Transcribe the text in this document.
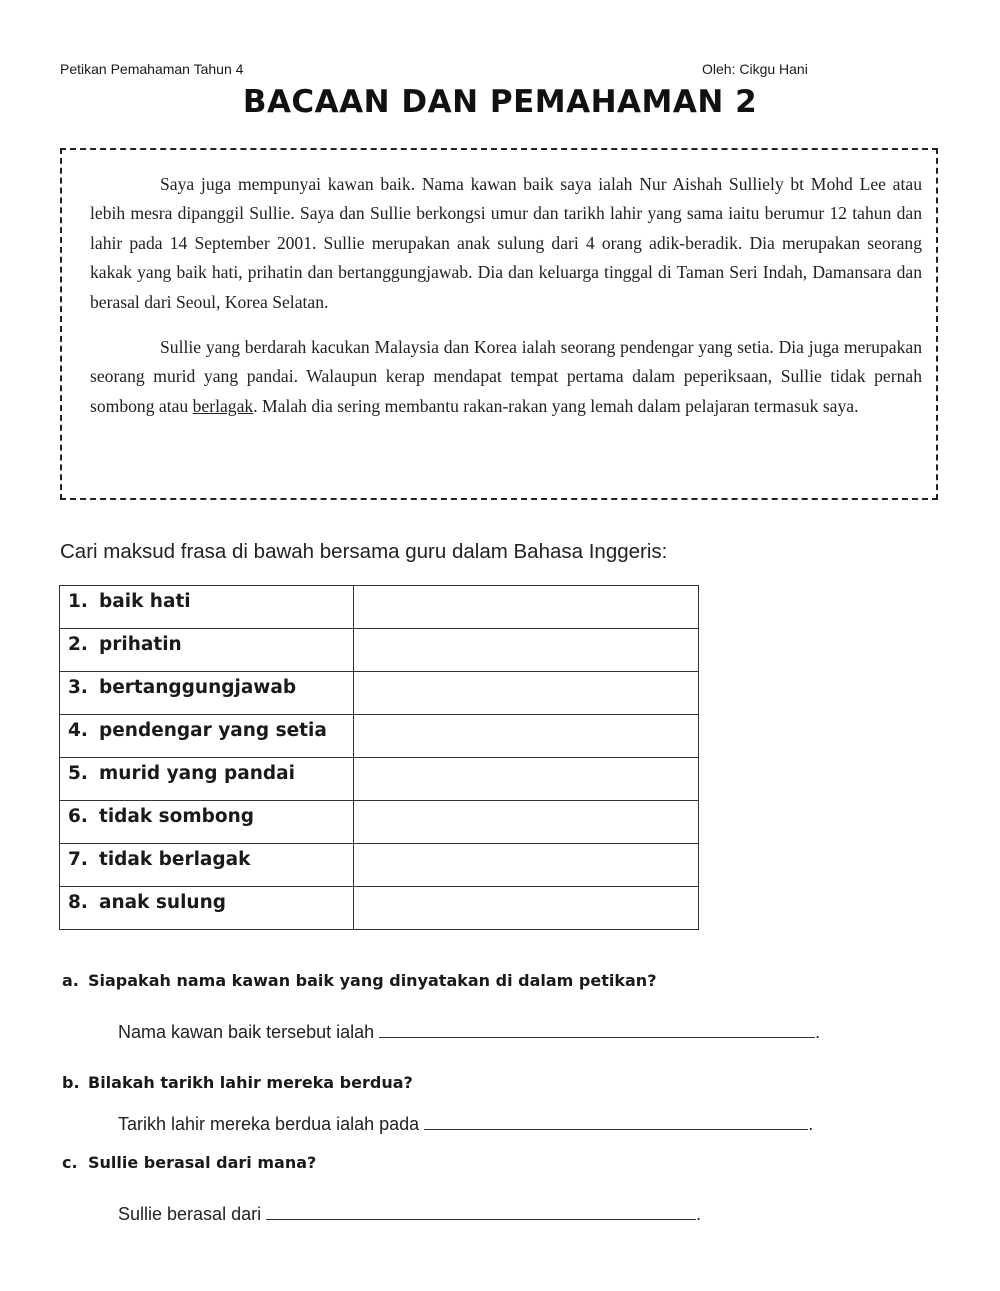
Petikan Pemahaman Tahun 4	Oleh: Cikgu Hani
BACAAN DAN PEMAHAMAN 2

Saya juga mempunyai kawan baik. Nama kawan baik saya ialah Nur Aishah Sulliely bt Mohd Lee atau lebih mesra dipanggil Sullie. Saya dan Sullie berkongsi umur dan tarikh lahir yang sama iaitu berumur 12 tahun dan lahir pada 14 September 2001. Sullie merupakan anak sulung dari 4 orang adik-beradik. Dia merupakan seorang kakak yang baik hati, prihatin dan bertanggungjawab. Dia dan keluarga tinggal di Taman Seri Indah, Damansara dan berasal dari Seoul, Korea Selatan.

Sullie yang berdarah kacukan Malaysia dan Korea ialah seorang pendengar yang setia. Dia juga merupakan seorang murid yang pandai. Walaupun kerap mendapat tempat pertama dalam peperiksaan, Sullie tidak pernah sombong atau berlagak. Malah dia sering membantu rakan-rakan yang lemah dalam pelajaran termasuk saya.

Cari maksud frasa di bawah bersama guru dalam Bahasa Inggeris:
1. baik hati	
2. prihatin	
3. bertanggungjawab	
4. pendengar yang setia	
5. murid yang pandai	
6. tidak sombong	
7. tidak berlagak	
8. anak sulung	
a. Siapakah nama kawan baik yang dinyatakan di dalam petikan?
Nama kawan baik tersebut ialah	.
b. Bilakah tarikh lahir mereka berdua?
Tarikh lahir mereka berdua ialah pada	.
c. Sullie berasal dari mana?
Sullie berasal dari	.
